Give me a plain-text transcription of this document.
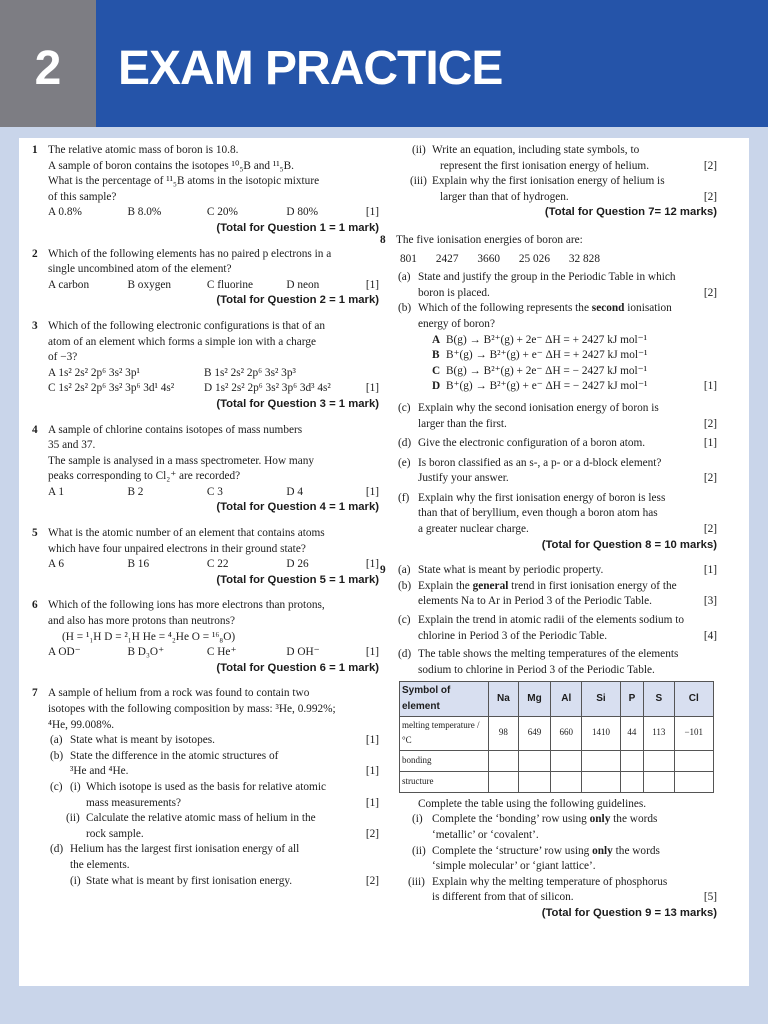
2	EXAM PRACTICE
1 The relative atomic mass of boron is 10.8.
A sample of boron contains the isotopes ¹⁰₅B and ¹¹₅B.
What is the percentage of ¹¹₅B atoms in the isotopic mixture
of this sample?
A 0.8%	B 8.0%	C 20%	D 80%	[1]
(Total for Question 1 = 1 mark)
2 Which of the following elements has no paired p electrons in a
single uncombined atom of the element?
A carbon	B oxygen	C fluorine	D neon	[1]
(Total for Question 2 = 1 mark)
3 Which of the following electronic configurations is that of an
atom of an element which forms a simple ion with a charge
of −3?
A 1s² 2s² 2p⁶ 3s² 3p¹	B 1s² 2s² 2p⁶ 3s² 3p³
C 1s² 2s² 2p⁶ 3s² 3p⁶ 3d¹ 4s²	D 1s² 2s² 2p⁶ 3s² 3p⁶ 3d³ 4s²	[1]
(Total for Question 3 = 1 mark)
4 A sample of chlorine contains isotopes of mass numbers
35 and 37.
The sample is analysed in a mass spectrometer. How many
peaks corresponding to Cl₂⁺ are recorded?
A 1	B 2	C 3	D 4	[1]
(Total for Question 4 = 1 mark)
5 What is the atomic number of an element that contains atoms
which have four unpaired electrons in their ground state?
A 6	B 16	C 22	D 26	[1]
(Total for Question 5 = 1 mark)
6 Which of the following ions has more electrons than protons,
and also has more protons than neutrons?
(H = ¹₁H D = ²₁H He = ⁴₂He O = ¹⁶₈O)
A OD⁻	B D₃O⁺	C He⁺	D OH⁻	[1]
(Total for Question 6 = 1 mark)
7 A sample of helium from a rock was found to contain two
isotopes with the following composition by mass: ³He, 0.992%;
⁴He, 99.008%.
(a) State what is meant by isotopes.	[1]
(b) State the difference in the atomic structures of
³He and ⁴He.	[1]
(c) (i) Which isotope is used as the basis for relative atomic
mass measurements?	[1]
(ii) Calculate the relative atomic mass of helium in the
rock sample.	[2]
(d) Helium has the largest first ionisation energy of all
the elements.
(i) State what is meant by first ionisation energy.	[2]
(ii) Write an equation, including state symbols, to
represent the first ionisation energy of helium.	[2]
(iii) Explain why the first ionisation energy of helium is
larger than that of hydrogen.	[2]
(Total for Question 7= 12 marks)
8 The five ionisation energies of boron are:
801 2427 3660 25 026 32 828
(a) State and justify the group in the Periodic Table in which
boron is placed.	[2]
(b) Which of the following represents the second ionisation
energy of boron?
A B(g) → B²⁺(g) + 2e⁻ ΔH = + 2427 kJ mol⁻¹
B B⁺(g) → B²⁺(g) + e⁻ ΔH = + 2427 kJ mol⁻¹
C B(g) → B²⁺(g) + 2e⁻ ΔH = − 2427 kJ mol⁻¹
D B⁺(g) → B²⁺(g) + e⁻ ΔH = − 2427 kJ mol⁻¹	[1]
(c) Explain why the second ionisation energy of boron is
larger than the first.	[2]
(d) Give the electronic configuration of a boron atom.	[1]
(e) Is boron classified as an s-, a p- or a d-block element?
Justify your answer.	[2]
(f) Explain why the first ionisation energy of boron is less
than that of beryllium, even though a boron atom has
a greater nuclear charge.	[2]
(Total for Question 8 = 10 marks)
9 (a) State what is meant by periodic property.	[1]
(b) Explain the general trend in first ionisation energy of the
elements Na to Ar in Period 3 of the Periodic Table.	[3]
(c) Explain the trend in atomic radii of the elements sodium to
chlorine in Period 3 of the Periodic Table.	[4]
(d) The table shows the melting temperatures of the elements
sodium to chlorine in Period 3 of the Periodic Table.
Symbol of element	Na	Mg	Al	Si	P	S	Cl
melting temperature / °C	98	649	660	1410	44	113	−101
bonding							
structure							
Complete the table using the following guidelines.
(i) Complete the ‘bonding’ row using only the words
‘metallic’ or ‘covalent’.
(ii) Complete the ‘structure’ row using only the words
‘simple molecular’ or ‘giant lattice’.
(iii) Explain why the melting temperature of phosphorus
is different from that of silicon.	[5]
(Total for Question 9 = 13 marks)
